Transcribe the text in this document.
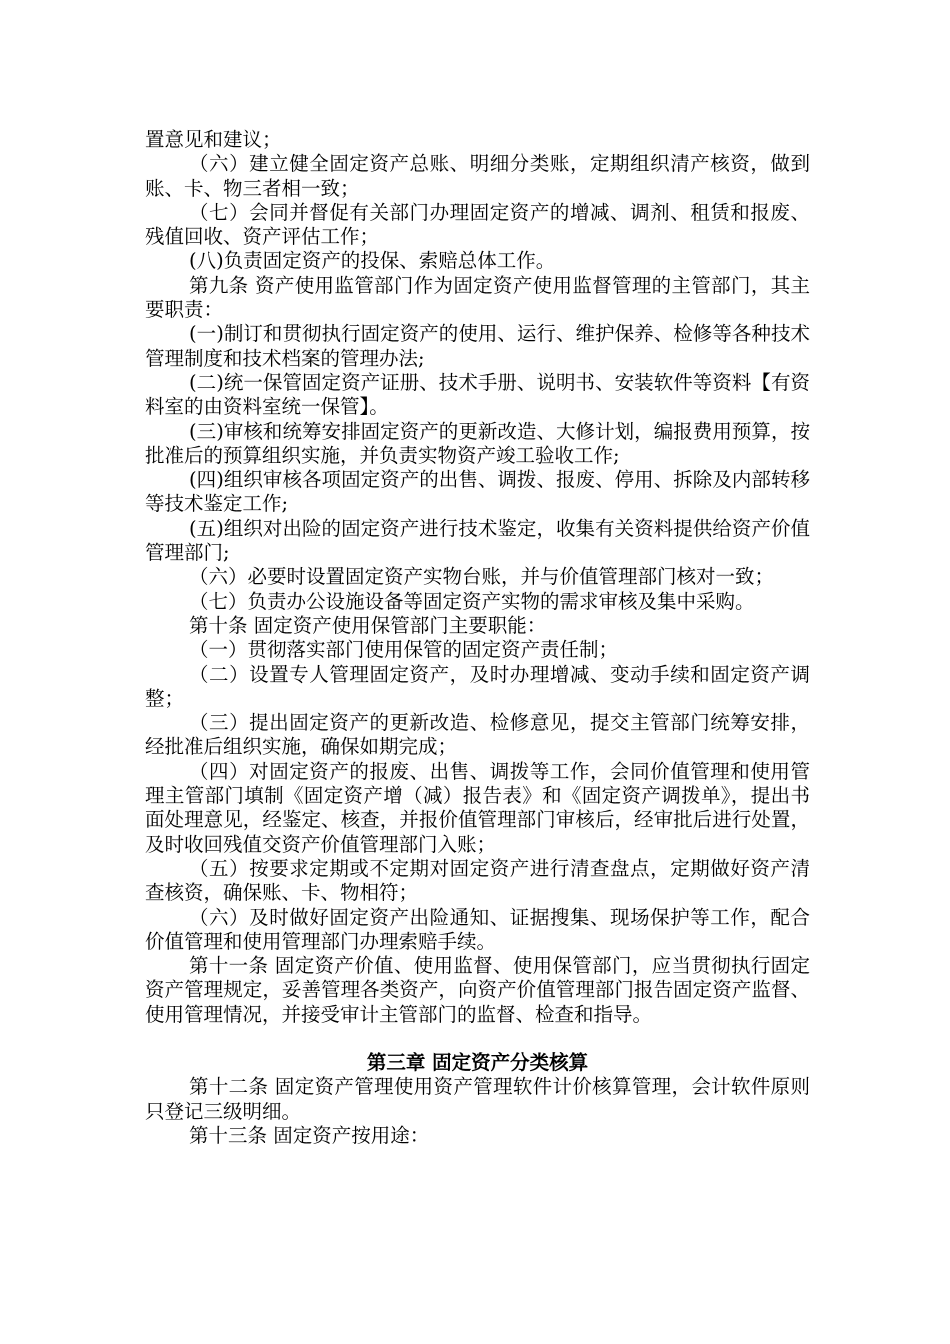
置意见和建议；

（六）建立健全固定资产总账、明细分类账，定期组织清产核资，做到账、卡、物三者相一致；

（七）会同并督促有关部门办理固定资产的增减、调剂、租赁和报废、残值回收、资产评估工作；

(八)负责固定资产的投保、索赔总体工作。

第九条 资产使用监管部门作为固定资产使用监督管理的主管部门，其主要职责：

(一)制订和贯彻执行固定资产的使用、运行、维护保养、检修等各种技术管理制度和技术档案的管理办法;

(二)统一保管固定资产证册、技术手册、说明书、安装软件等资料【有资料室的由资料室统一保管】。

(三)审核和统筹安排固定资产的更新改造、大修计划，编报费用预算，按批准后的预算组织实施，并负责实物资产竣工验收工作;

(四)组织审核各项固定资产的出售、调拨、报废、停用、拆除及内部转移等技术鉴定工作;

(五)组织对出险的固定资产进行技术鉴定，收集有关资料提供给资产价值管理部门;

（六）必要时设置固定资产实物台账，并与价值管理部门核对一致；

（七）负责办公设施设备等固定资产实物的需求审核及集中采购。

第十条 固定资产使用保管部门主要职能：

（一）贯彻落实部门使用保管的固定资产责任制；

（二）设置专人管理固定资产，及时办理增减、变动手续和固定资产调整；

（三）提出固定资产的更新改造、检修意见，提交主管部门统筹安排，经批准后组织实施，确保如期完成；

（四）对固定资产的报废、出售、调拨等工作，会同价值管理和使用管理主管部门填制《固定资产增（减）报告表》和《固定资产调拨单》，提出书面处理意见，经鉴定、核查，并报价值管理部门审核后，经审批后进行处置，及时收回残值交资产价值管理部门入账；

（五）按要求定期或不定期对固定资产进行清查盘点，定期做好资产清查核资，确保账、卡、物相符；

（六）及时做好固定资产出险通知、证据搜集、现场保护等工作，配合价值管理和使用管理部门办理索赔手续。

第十一条 固定资产价值、使用监督、使用保管部门，应当贯彻执行固定资产管理规定，妥善管理各类资产，向资产价值管理部门报告固定资产监督、使用管理情况，并接受审计主管部门的监督、检查和指导。

第三章 固定资产分类核算

第十二条 固定资产管理使用资产管理软件计价核算管理，会计软件原则只登记三级明细。

第十三条 固定资产按用途：
